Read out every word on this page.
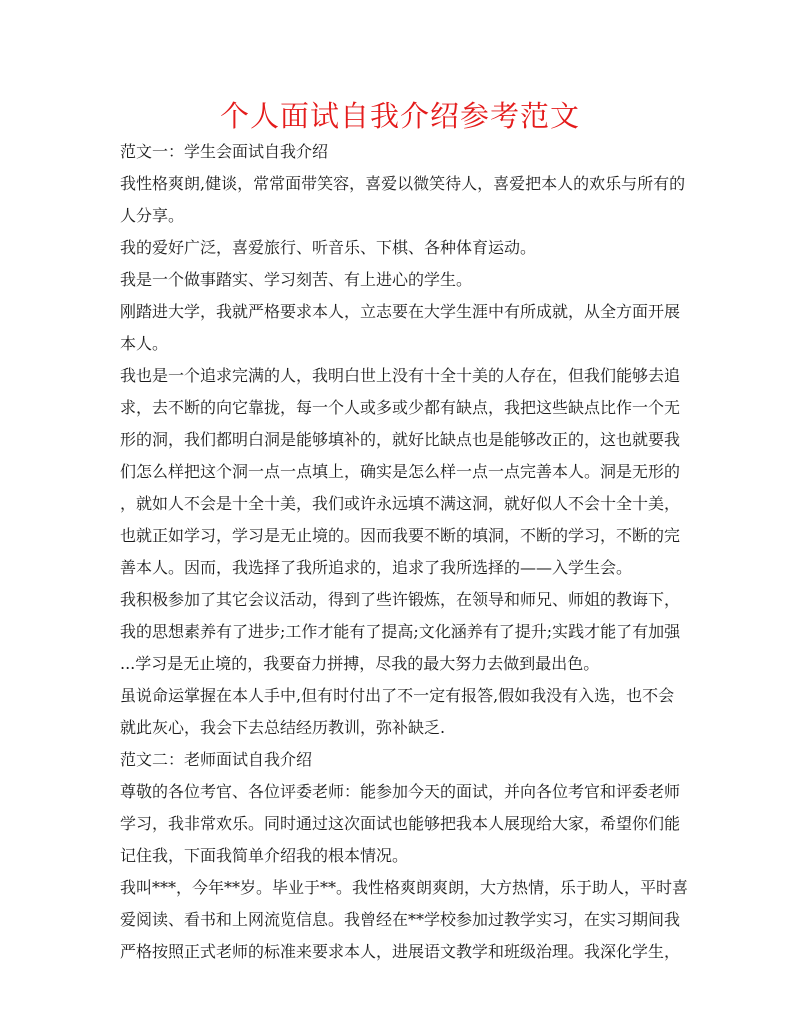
个人面试自我介绍参考范文
范文一：学生会面试自我介绍
我性格爽朗,健谈，常常面带笑容，喜爱以微笑待人，喜爱把本人的欢乐与所有的
人分享。
我的爱好广泛，喜爱旅行、听音乐、下棋、各种体育运动。
我是一个做事踏实、学习刻苦、有上进心的学生。
刚踏进大学，我就严格要求本人，立志要在大学生涯中有所成就，从全方面开展
本人。
我也是一个追求完满的人，我明白世上没有十全十美的人存在，但我们能够去追
求，去不断的向它靠拢，每一个人或多或少都有缺点，我把这些缺点比作一个无
形的洞，我们都明白洞是能够填补的，就好比缺点也是能够改正的，这也就要我
们怎么样把这个洞一点一点填上，确实是怎么样一点一点完善本人。洞是无形的
，就如人不会是十全十美，我们或许永远填不满这洞，就好似人不会十全十美，
也就正如学习，学习是无止境的。因而我要不断的填洞，不断的学习，不断的完
善本人。因而，我选择了我所追求的，追求了我所选择的——入学生会。
我积极参加了其它会议活动，得到了些许锻炼，在领导和师兄、师姐的教诲下，
我的思想素养有了进步;工作才能有了提高;文化涵养有了提升;实践才能了有加强
...学习是无止境的，我要奋力拼搏，尽我的最大努力去做到最出色。
虽说命运掌握在本人手中,但有时付出了不一定有报答,假如我没有入选，也不会
就此灰心，我会下去总结经历教训，弥补缺乏.
范文二：老师面试自我介绍
尊敬的各位考官、各位评委老师：能参加今天的面试，并向各位考官和评委老师
学习，我非常欢乐。同时通过这次面试也能够把我本人展现给大家，希望你们能
记住我，下面我简单介绍我的根本情况。
我叫***，今年**岁。毕业于**。我性格爽朗爽朗，大方热情，乐于助人，平时喜
爱阅读、看书和上网流览信息。我曾经在**学校参加过教学实习，在实习期间我
严格按照正式老师的标准来要求本人，进展语文教学和班级治理。我深化学生，
